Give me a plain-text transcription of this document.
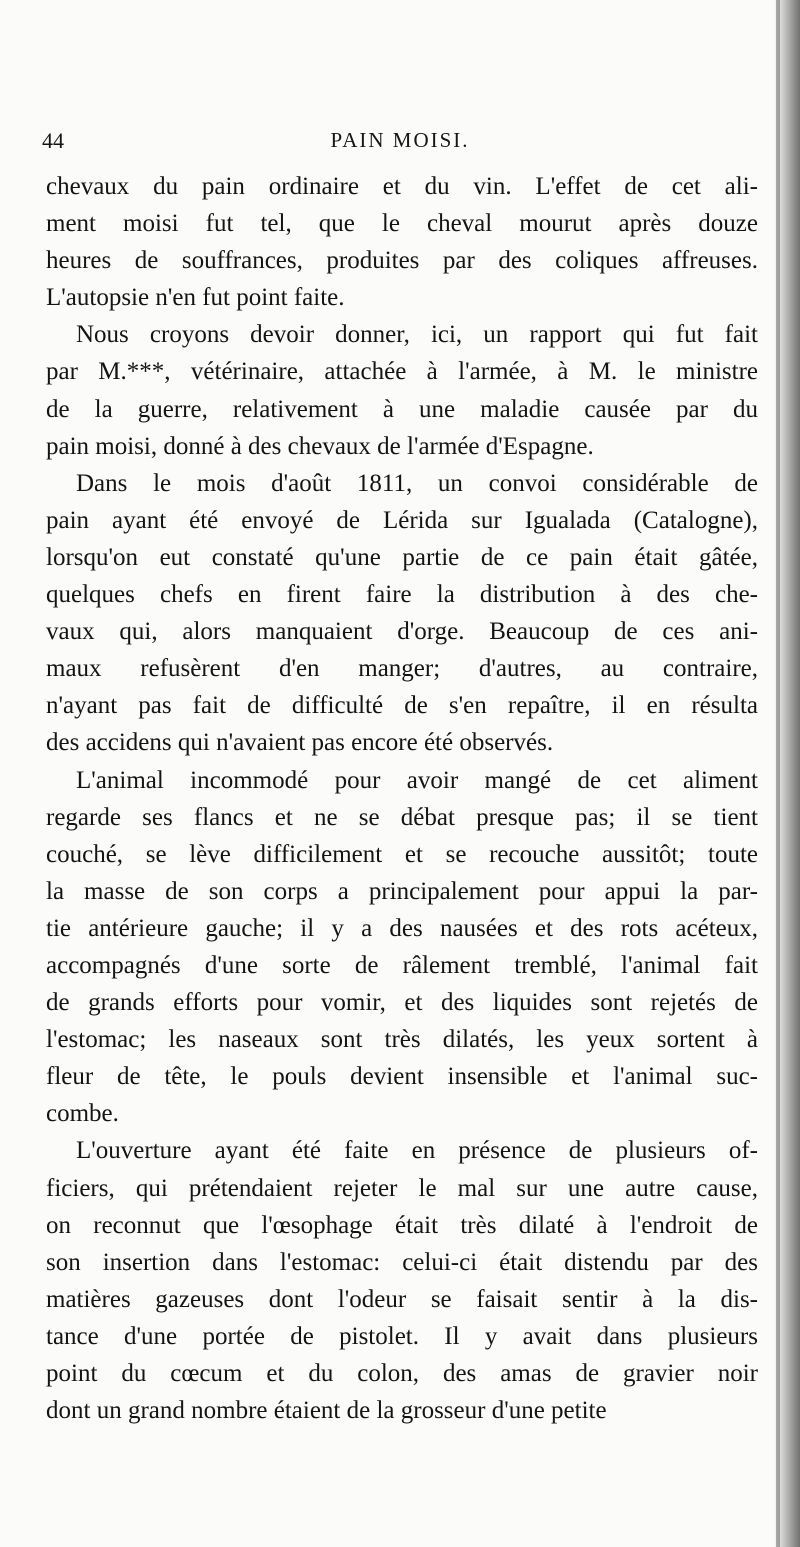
44	PAIN MOISI.
chevaux du pain ordinaire et du vin. L'effet de cet ali-
ment moisi fut tel, que le cheval mourut après douze
heures de souffrances, produites par des coliques affreuses.
L'autopsie n'en fut point faite.
Nous croyons devoir donner, ici, un rapport qui fut fait
par M.***, vétérinaire, attachée à l'armée, à M. le ministre
de la guerre, relativement à une maladie causée par du
pain moisi, donné à des chevaux de l'armée d'Espagne.
Dans le mois d'août 1811, un convoi considérable de
pain ayant été envoyé de Lérida sur Igualada (Catalogne),
lorsqu'on eut constaté qu'une partie de ce pain était gâtée,
quelques chefs en firent faire la distribution à des che-
vaux qui, alors manquaient d'orge. Beaucoup de ces ani-
maux refusèrent d'en manger; d'autres, au contraire,
n'ayant pas fait de difficulté de s'en repaître, il en résulta
des accidens qui n'avaient pas encore été observés.
L'animal incommodé pour avoir mangé de cet aliment
regarde ses flancs et ne se débat presque pas; il se tient
couché, se lève difficilement et se recouche aussitôt; toute
la masse de son corps a principalement pour appui la par-
tie antérieure gauche; il y a des nausées et des rots acéteux,
accompagnés d'une sorte de râlement tremblé, l'animal fait
de grands efforts pour vomir, et des liquides sont rejetés de
l'estomac; les naseaux sont très dilatés, les yeux sortent à
fleur de tête, le pouls devient insensible et l'animal suc-
combe.
L'ouverture ayant été faite en présence de plusieurs of-
ficiers, qui prétendaient rejeter le mal sur une autre cause,
on reconnut que l'œsophage était très dilaté à l'endroit de
son insertion dans l'estomac: celui-ci était distendu par des
matières gazeuses dont l'odeur se faisait sentir à la dis-
tance d'une portée de pistolet. Il y avait dans plusieurs
point du cœcum et du colon, des amas de gravier noir
dont un grand nombre étaient de la grosseur d'une petite
